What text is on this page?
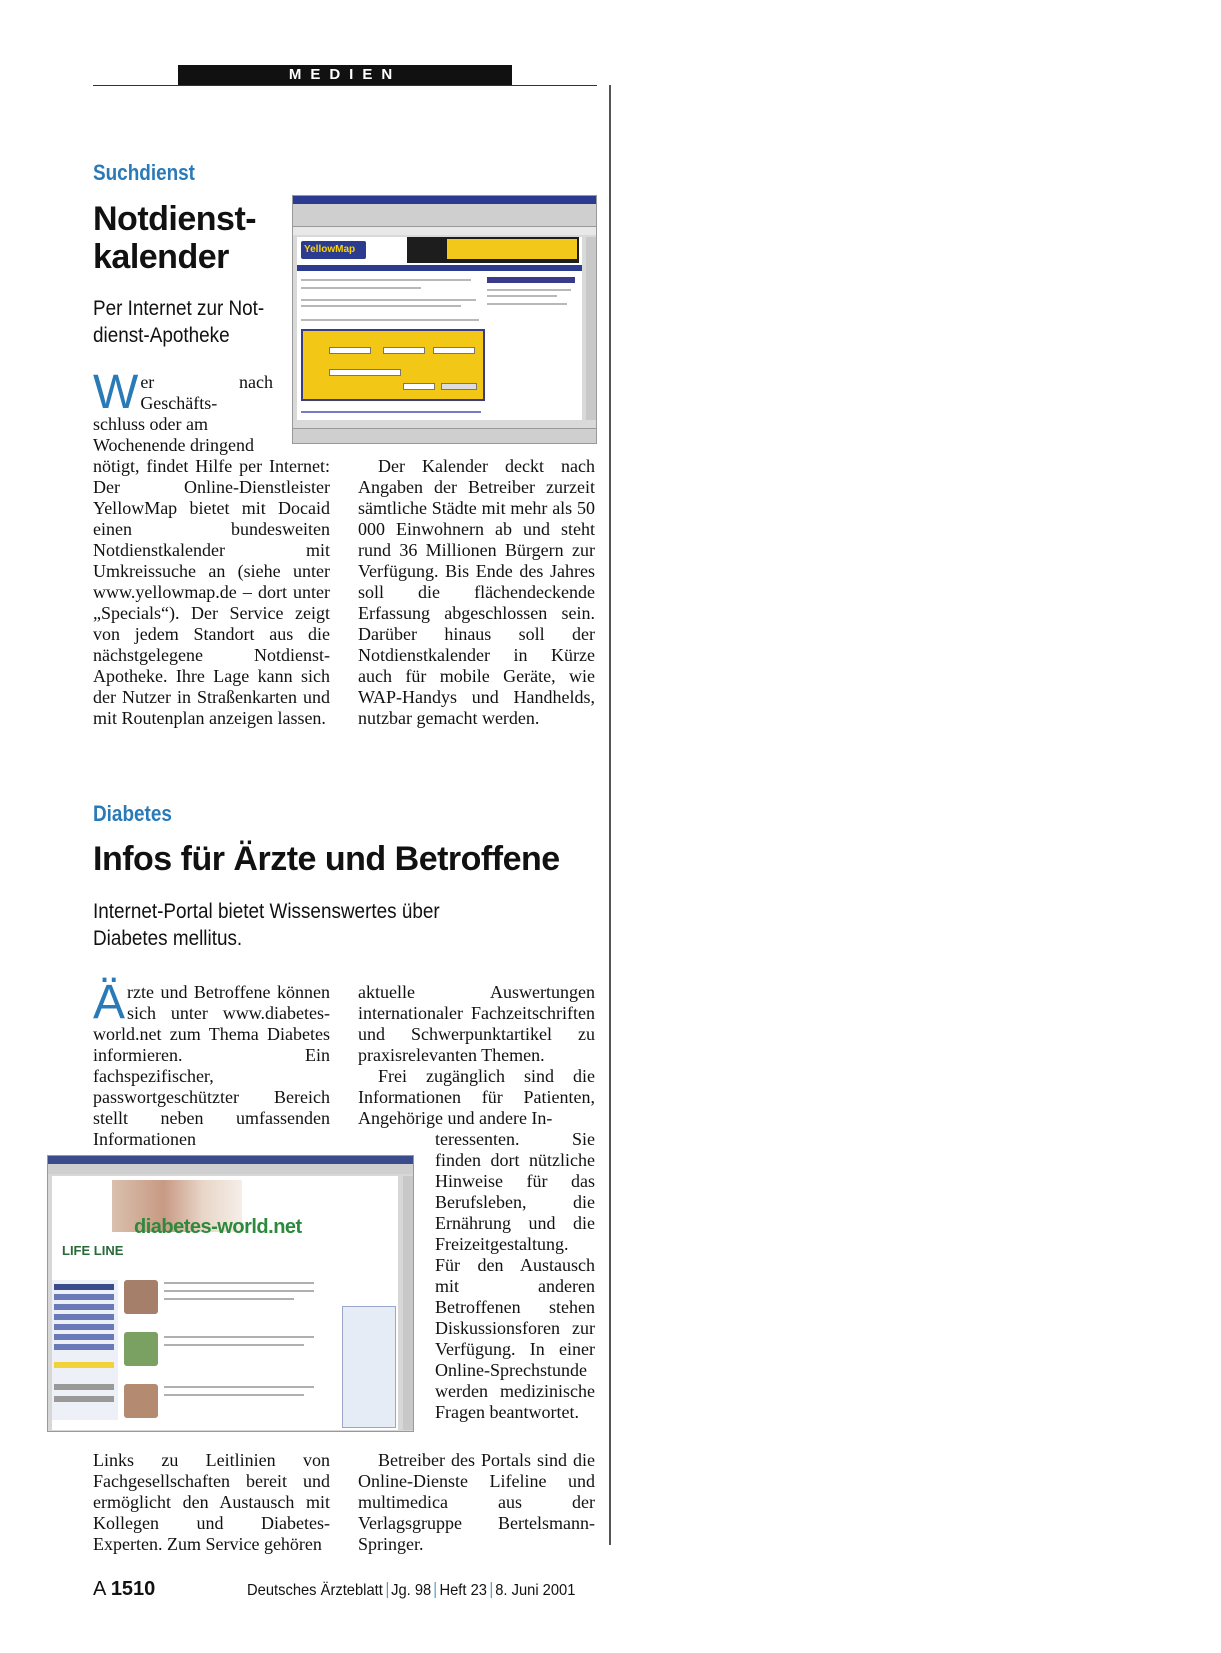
MEDIEN
Suchdienst
Notdienst-
kalender
Per Internet zur Not-
dienst-Apotheke
YellowMap
W er nach Geschäfts-
schluss oder am
Wochenende dringend

nötigt, findet Hilfe per Internet: Der Online-Dienstleister YellowMap bietet mit Docaid einen bundesweiten Notdienstkalender mit Umkreissuche an (siehe unter www.yellowmap.de – dort unter „Specials“). Der Service zeigt von jedem Standort aus die nächstgelegene Notdienst-Apotheke. Ihre Lage kann sich der Nutzer in Straßenkarten und mit Routenplan anzeigen lassen.
Der Kalender deckt nach Angaben der Betreiber zurzeit sämtliche Städte mit mehr als 50 000 Einwohnern ab und steht rund 36 Millionen Bürgern zur Verfügung. Bis Ende des Jahres soll die flächendeckende Erfassung abgeschlossen sein. Darüber hinaus soll der Notdienstkalender in Kürze auch für mobile Geräte, wie WAP-Handys und Handhelds, nutzbar gemacht werden.
Diabetes
Infos für Ärzte und Betroffene
Internet-Portal bietet Wissenswertes über
Diabetes mellitus.
Ä rzte und Betroffene können sich unter www.diabetes-world.net zum Thema Diabetes informieren. Ein fachspezifischer, passwortgeschützter Bereich stellt neben umfassenden Informationen
diabetes-world.net
LIFE LINE
Links zu Leitlinien von Fachgesellschaften bereit und ermöglicht den Austausch mit Kollegen und Diabetes-Experten. Zum Service gehören
aktuelle Auswertungen internationaler Fachzeitschriften und Schwerpunktartikel zu praxisrelevanten Themen.
Frei zugänglich sind die Informationen für Patienten, Angehörige und andere In-
teressenten. Sie finden dort nützliche Hinweise für das Berufsleben, die Ernährung und die Freizeitgestaltung. Für den Austausch mit anderen Betroffenen stehen Diskussionsforen zur Verfügung. In einer Online-Sprechstunde werden medizinische Fragen beantwortet.
Betreiber des Portals sind die Online-Dienste Lifeline und multimedica aus der Verlagsgruppe Bertelsmann-Springer.
A 1510	Deutsches Ärzteblatt Jg. 98 Heft 23 8. Juni 2001
